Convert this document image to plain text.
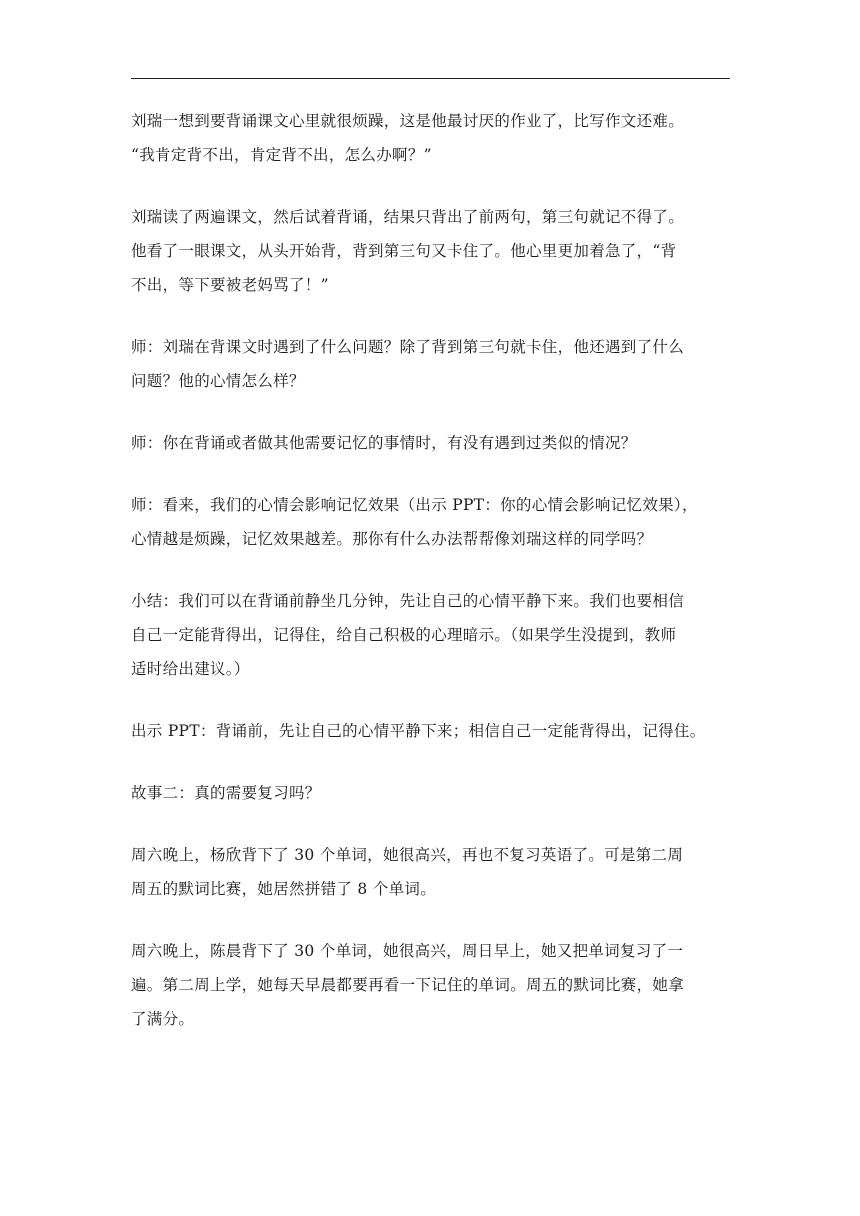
刘瑞一想到要背诵课文心里就很烦躁，这是他最讨厌的作业了，比写作文还难。
“我肯定背不出，肯定背不出，怎么办啊？”

刘瑞读了两遍课文，然后试着背诵，结果只背出了前两句，第三句就记不得了。
他看了一眼课文，从头开始背，背到第三句又卡住了。他心里更加着急了，“背
不出，等下要被老妈骂了！”

师：刘瑞在背课文时遇到了什么问题？除了背到第三句就卡住，他还遇到了什么
问题？他的心情怎么样？

师：你在背诵或者做其他需要记忆的事情时，有没有遇到过类似的情况？

师：看来，我们的心情会影响记忆效果（出示 PPT：你的心情会影响记忆效果），
心情越是烦躁，记忆效果越差。那你有什么办法帮帮像刘瑞这样的同学吗？

小结：我们可以在背诵前静坐几分钟，先让自己的心情平静下来。我们也要相信
自己一定能背得出，记得住，给自己积极的心理暗示。（如果学生没提到，教师
适时给出建议。）

出示 PPT：背诵前，先让自己的心情平静下来；相信自己一定能背得出，记得住。

故事二：真的需要复习吗？

周六晚上，杨欣背下了 30 个单词，她很高兴，再也不复习英语了。可是第二周
周五的默词比赛，她居然拼错了 8 个单词。

周六晚上，陈晨背下了 30 个单词，她很高兴，周日早上，她又把单词复习了一
遍。第二周上学，她每天早晨都要再看一下记住的单词。周五的默词比赛，她拿
了满分。
